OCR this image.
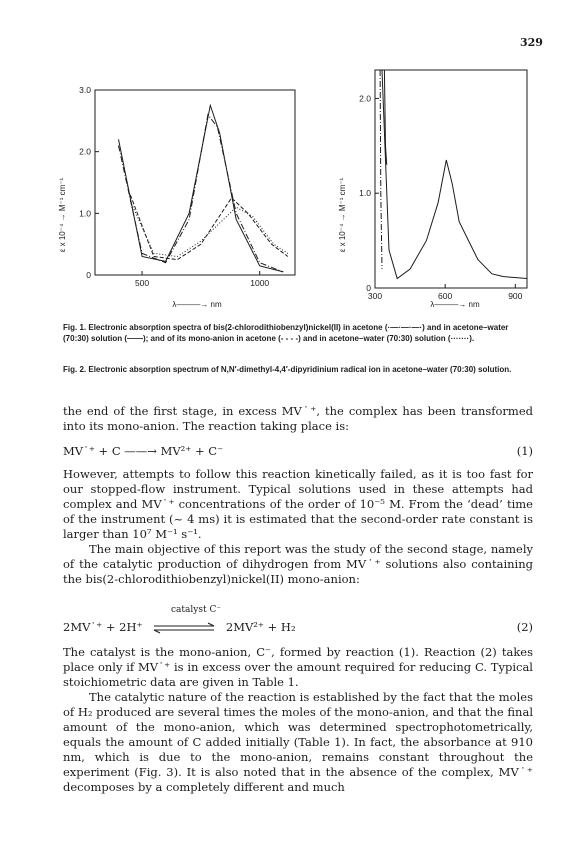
329
500	1000
0
1.0
2.0
3.0
λ———→ nm
ε x 10⁻⁴ → M⁻¹ cm⁻¹
300	600	900
0
1.0
2.0
λ———→ nm
ε x 10⁻⁴ → M⁻¹ cm⁻¹
Fig. 1. Electronic absorption spectra of bis(2-chlorodithiobenzyl)nickel(II) in acetone (·—·—·—·) and in acetone–water (70:30) solution (——); and of its mono-anion in acetone (- - - -) and in acetone–water (70:30) solution (·······).
Fig. 2. Electronic absorption spectrum of N,N′-dimethyl-4,4′-dipyridinium radical ion in acetone–water (70:30) solution.

the end of the first stage, in excess MV˙⁺, the complex has been transformed into its mono-anion. The reaction taking place is:

MV˙⁺ + C ——→ MV²⁺ + C⁻	(1)

However, attempts to follow this reaction kinetically failed, as it is too fast for our stopped-flow instrument. Typical solutions used in these attempts had complex and MV˙⁺ concentrations of the order of 10⁻⁵ M. From the ‘dead’ time of the instrument (~ 4 ms) it is estimated that the second-order rate constant is larger than 10⁷ M⁻¹ s⁻¹.

The main objective of this report was the study of the second stage, namely of the catalytic production of dihydrogen from MV˙⁺ solutions also containing the bis(2-chlorodithiobenzyl)nickel(II) mono-anion:

catalyst C⁻
2MV˙⁺ + 2H⁺	2MV²⁺ + H₂	(2)

The catalyst is the mono-anion, C⁻, formed by reaction (1). Reaction (2) takes place only if MV˙⁺ is in excess over the amount required for reducing C. Typical stoichiometric data are given in Table 1.

The catalytic nature of the reaction is established by the fact that the moles of H₂ produced are several times the moles of the mono-anion, and that the final amount of the mono-anion, which was determined spectrophotometrically, equals the amount of C added initially (Table 1). In fact, the absorbance at 910 nm, which is due to the mono-anion, remains constant throughout the experiment (Fig. 3). It is also noted that in the absence of the complex, MV˙⁺ decomposes by a completely different and much
